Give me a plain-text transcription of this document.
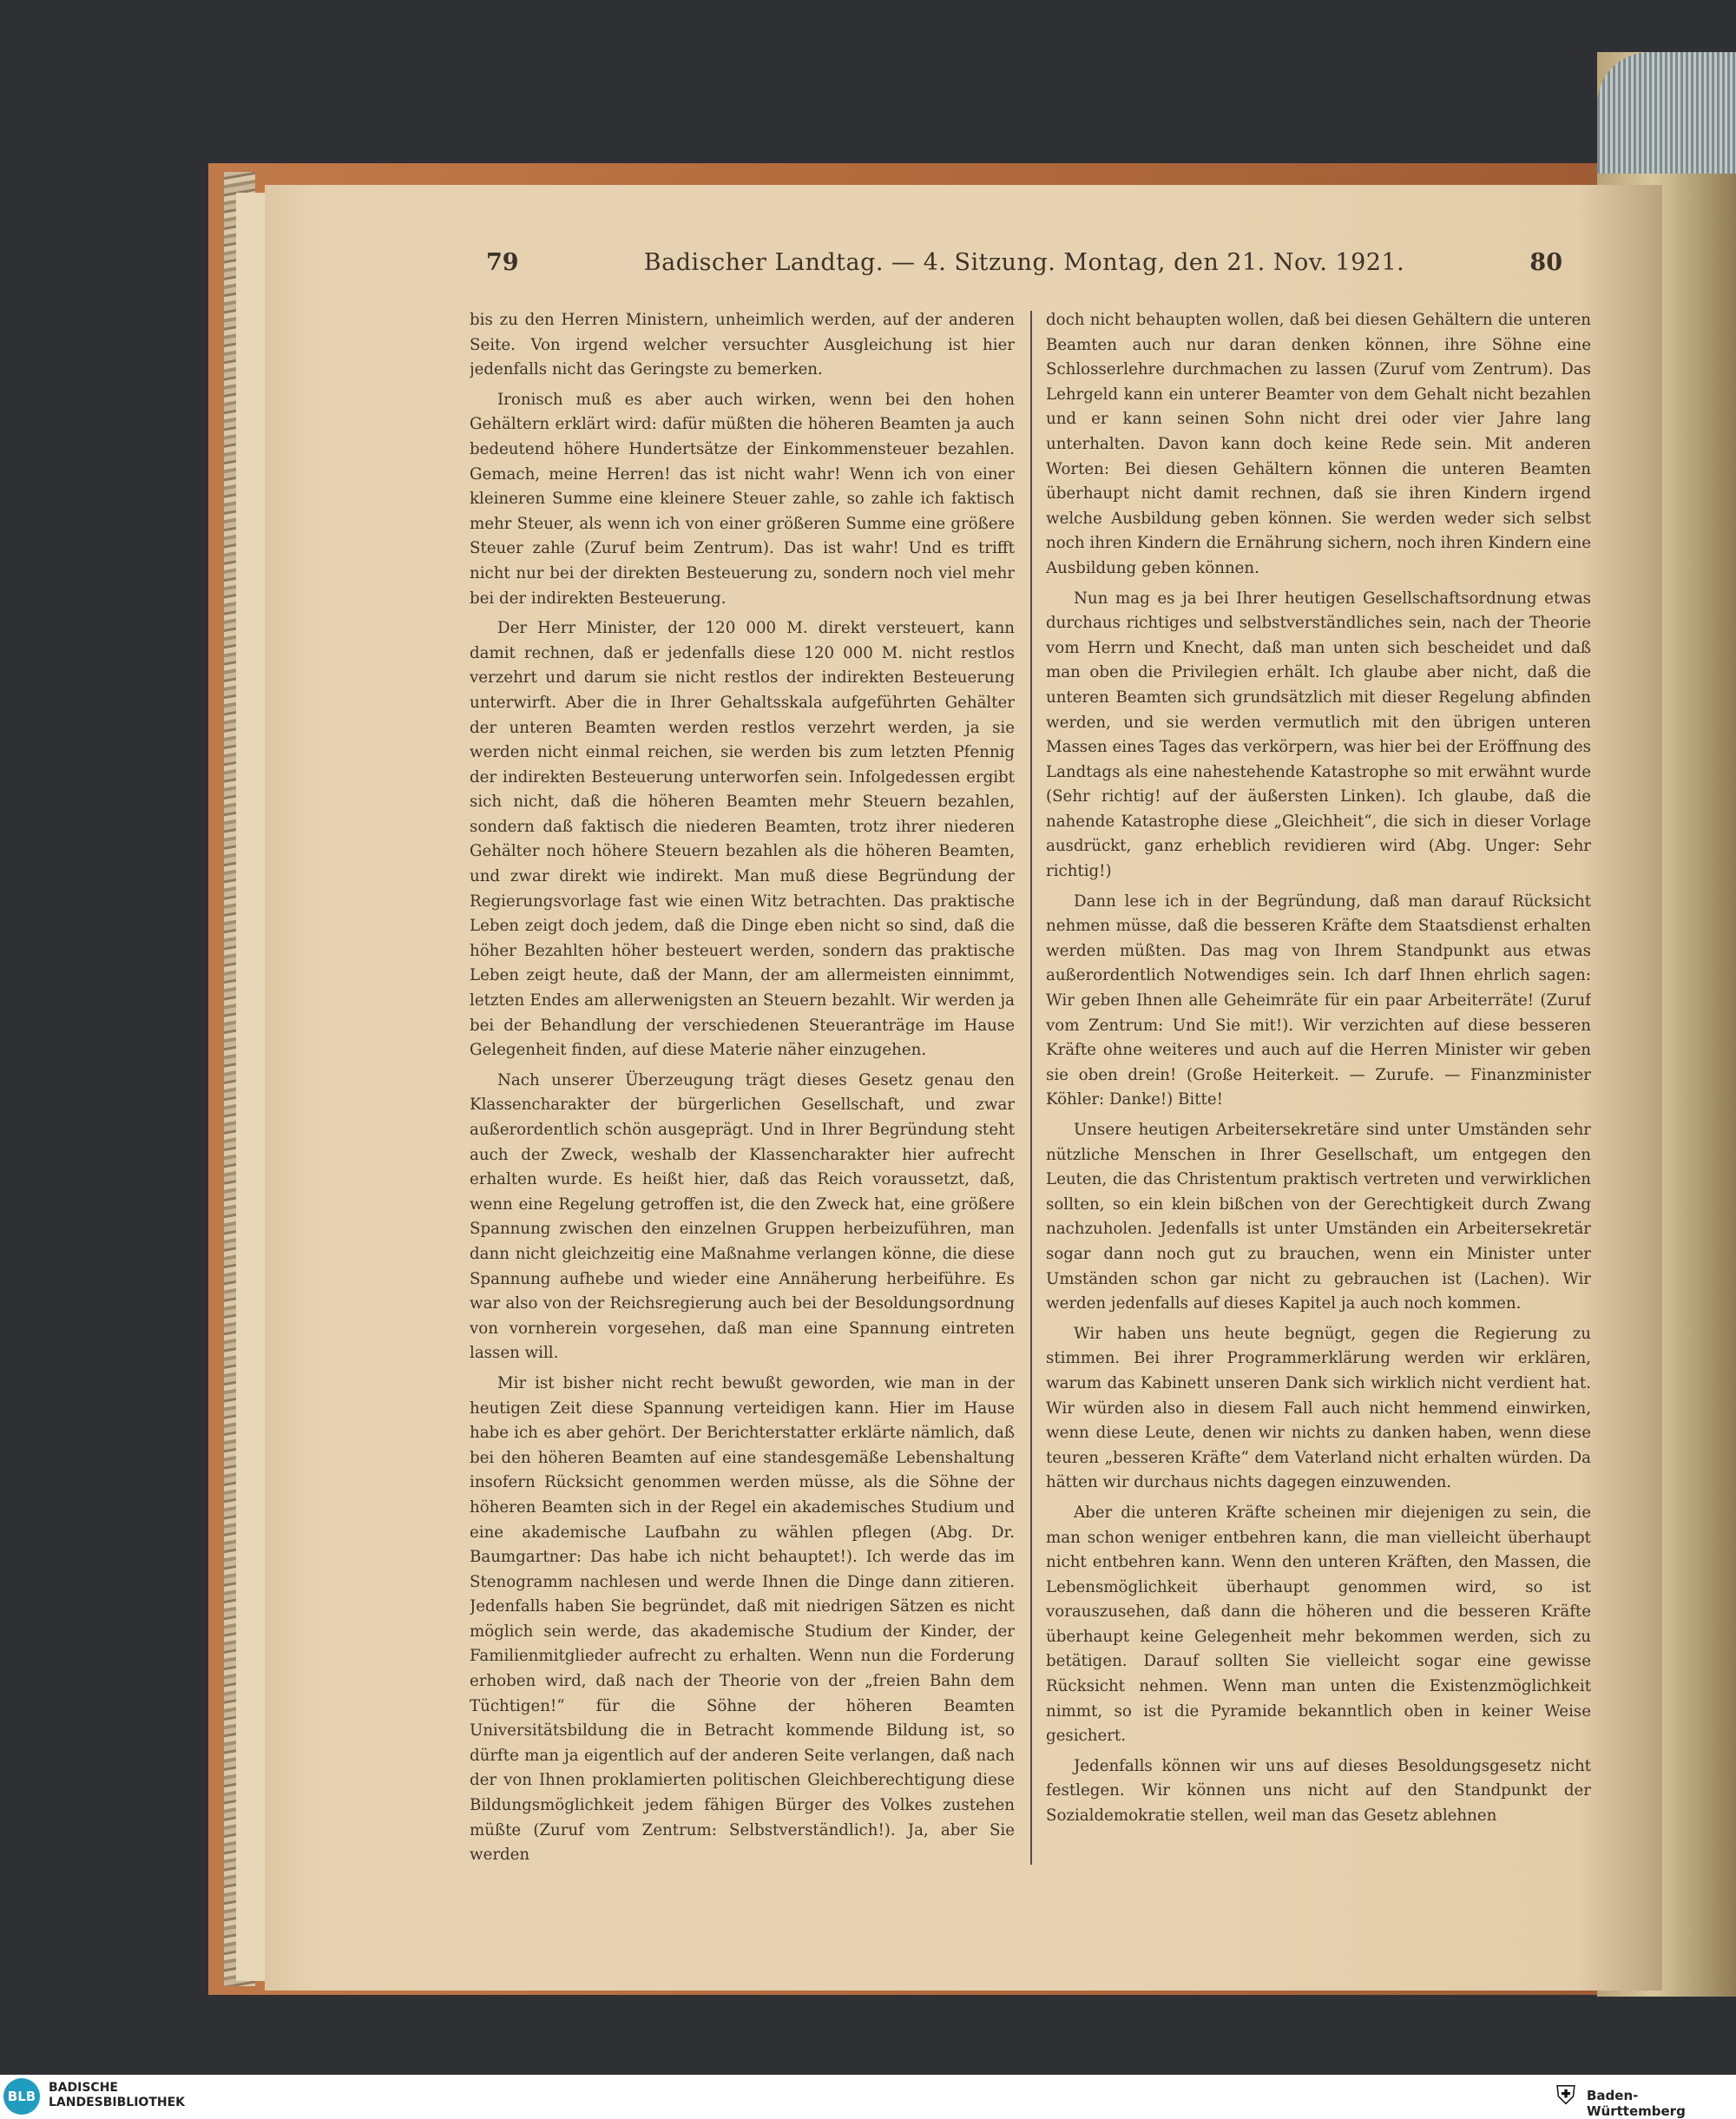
79	Badischer Landtag. — 4. Sitzung. Montag, den 21. Nov. 1921.	80

bis zu den Herren Ministern, unheimlich werden, auf der anderen Seite. Von irgend welcher versuchter Ausgleichung ist hier jedenfalls nicht das Geringste zu bemerken.

Ironisch muß es aber auch wirken, wenn bei den hohen Gehältern erklärt wird: dafür müßten die höheren Beamten ja auch bedeutend höhere Hundertsätze der Einkommensteuer bezahlen. Gemach, meine Herren! das ist nicht wahr! Wenn ich von einer kleineren Summe eine kleinere Steuer zahle, so zahle ich faktisch mehr Steuer, als wenn ich von einer größeren Summe eine größere Steuer zahle (Zuruf beim Zentrum). Das ist wahr! Und es trifft nicht nur bei der direkten Besteuerung zu, sondern noch viel mehr bei der indirekten Besteuerung.

Der Herr Minister, der 120 000 M. direkt versteuert, kann damit rechnen, daß er jedenfalls diese 120 000 M. nicht restlos verzehrt und darum sie nicht restlos der indirekten Besteuerung unterwirft. Aber die in Ihrer Gehaltsskala aufgeführten Gehälter der unteren Beamten werden restlos verzehrt werden, ja sie werden nicht einmal reichen, sie werden bis zum letzten Pfennig der indirekten Besteuerung unterworfen sein. Infolgedessen ergibt sich nicht, daß die höheren Beamten mehr Steuern bezahlen, sondern daß faktisch die niederen Beamten, trotz ihrer niederen Gehälter noch höhere Steuern bezahlen als die höheren Beamten, und zwar direkt wie indirekt. Man muß diese Begründung der Regierungsvorlage fast wie einen Witz betrachten. Das praktische Leben zeigt doch jedem, daß die Dinge eben nicht so sind, daß die höher Bezahlten höher besteuert werden, sondern das praktische Leben zeigt heute, daß der Mann, der am allermeisten einnimmt, letzten Endes am allerwenigsten an Steuern bezahlt. Wir werden ja bei der Behandlung der verschiedenen Steueranträge im Hause Gelegenheit finden, auf diese Materie näher einzugehen.

Nach unserer Überzeugung trägt dieses Gesetz genau den Klassencharakter der bürgerlichen Gesellschaft, und zwar außerordentlich schön ausgeprägt. Und in Ihrer Begründung steht auch der Zweck, weshalb der Klassencharakter hier aufrecht erhalten wurde. Es heißt hier, daß das Reich voraussetzt, daß, wenn eine Regelung getroffen ist, die den Zweck hat, eine größere Spannung zwischen den einzelnen Gruppen herbeizuführen, man dann nicht gleichzeitig eine Maßnahme verlangen könne, die diese Spannung aufhebe und wieder eine Annäherung herbeiführe. Es war also von der Reichsregierung auch bei der Besoldungsordnung von vornherein vorgesehen, daß man eine Spannung eintreten lassen will.

Mir ist bisher nicht recht bewußt geworden, wie man in der heutigen Zeit diese Spannung verteidigen kann. Hier im Hause habe ich es aber gehört. Der Berichterstatter erklärte nämlich, daß bei den höheren Beamten auf eine standesgemäße Lebenshaltung insofern Rücksicht genommen werden müsse, als die Söhne der höheren Beamten sich in der Regel ein akademisches Studium und eine akademische Laufbahn zu wählen pflegen (Abg. Dr. Baumgartner: Das habe ich nicht behauptet!). Ich werde das im Stenogramm nachlesen und werde Ihnen die Dinge dann zitieren. Jedenfalls haben Sie begründet, daß mit niedrigen Sätzen es nicht möglich sein werde, das akademische Studium der Kinder, der Familienmitglieder aufrecht zu erhalten. Wenn nun die Forderung erhoben wird, daß nach der Theorie von der „freien Bahn dem Tüchtigen!“ für die Söhne der höheren Beamten Universitätsbildung die in Betracht kommende Bildung ist, so dürfte man ja eigentlich auf der anderen Seite verlangen, daß nach der von Ihnen proklamierten politischen Gleichberechtigung diese Bildungsmöglichkeit jedem fähigen Bürger des Volkes zustehen müßte (Zuruf vom Zentrum: Selbstverständlich!). Ja, aber Sie werden

doch nicht behaupten wollen, daß bei diesen Gehältern die unteren Beamten auch nur daran denken können, ihre Söhne eine Schlosserlehre durchmachen zu lassen (Zuruf vom Zentrum). Das Lehrgeld kann ein unterer Beamter von dem Gehalt nicht bezahlen und er kann seinen Sohn nicht drei oder vier Jahre lang unterhalten. Davon kann doch keine Rede sein. Mit anderen Worten: Bei diesen Gehältern können die unteren Beamten überhaupt nicht damit rechnen, daß sie ihren Kindern irgend welche Ausbildung geben können. Sie werden weder sich selbst noch ihren Kindern die Ernährung sichern, noch ihren Kindern eine Ausbildung geben können.

Nun mag es ja bei Ihrer heutigen Gesellschaftsordnung etwas durchaus richtiges und selbstverständliches sein, nach der Theorie vom Herrn und Knecht, daß man unten sich bescheidet und daß man oben die Privilegien erhält. Ich glaube aber nicht, daß die unteren Beamten sich grundsätzlich mit dieser Regelung abfinden werden, und sie werden vermutlich mit den übrigen unteren Massen eines Tages das verkörpern, was hier bei der Eröffnung des Landtags als eine nahestehende Katastrophe so mit erwähnt wurde (Sehr richtig! auf der äußersten Linken). Ich glaube, daß die nahende Katastrophe diese „Gleichheit“, die sich in dieser Vorlage ausdrückt, ganz erheblich revidieren wird (Abg. Unger: Sehr richtig!)

Dann lese ich in der Begründung, daß man darauf Rücksicht nehmen müsse, daß die besseren Kräfte dem Staatsdienst erhalten werden müßten. Das mag von Ihrem Standpunkt aus etwas außerordentlich Notwendiges sein. Ich darf Ihnen ehrlich sagen: Wir geben Ihnen alle Geheimräte für ein paar Arbeiterräte! (Zuruf vom Zentrum: Und Sie mit!). Wir verzichten auf diese besseren Kräfte ohne weiteres und auch auf die Herren Minister wir geben sie oben drein! (Große Heiterkeit. — Zurufe. — Finanzminister Köhler: Danke!) Bitte!

Unsere heutigen Arbeitersekretäre sind unter Umständen sehr nützliche Menschen in Ihrer Gesellschaft, um entgegen den Leuten, die das Christentum praktisch vertreten und verwirklichen sollten, so ein klein bißchen von der Gerechtigkeit durch Zwang nachzuholen. Jedenfalls ist unter Umständen ein Arbeitersekretär sogar dann noch gut zu brauchen, wenn ein Minister unter Umständen schon gar nicht zu gebrauchen ist (Lachen). Wir werden jedenfalls auf dieses Kapitel ja auch noch kommen.

Wir haben uns heute begnügt, gegen die Regierung zu stimmen. Bei ihrer Programmerklärung werden wir erklären, warum das Kabinett unseren Dank sich wirklich nicht verdient hat. Wir würden also in diesem Fall auch nicht hemmend einwirken, wenn diese Leute, denen wir nichts zu danken haben, wenn diese teuren „besseren Kräfte“ dem Vaterland nicht erhalten würden. Da hätten wir durchaus nichts dagegen einzuwenden.

Aber die unteren Kräfte scheinen mir diejenigen zu sein, die man schon weniger entbehren kann, die man vielleicht überhaupt nicht entbehren kann. Wenn den unteren Kräften, den Massen, die Lebensmöglichkeit überhaupt genommen wird, so ist vorauszusehen, daß dann die höheren und die besseren Kräfte überhaupt keine Gelegenheit mehr bekommen werden, sich zu betätigen. Darauf sollten Sie vielleicht sogar eine gewisse Rücksicht nehmen. Wenn man unten die Existenzmöglichkeit nimmt, so ist die Pyramide bekanntlich oben in keiner Weise gesichert.

Jedenfalls können wir uns auf dieses Besoldungsgesetz nicht festlegen. Wir können uns nicht auf den Standpunkt der Sozialdemokratie stellen, weil man das Gesetz ablehnen

BLB
BADISCHE
LANDESBIBLIOTHEK	⛨ Baden-Württemberg
